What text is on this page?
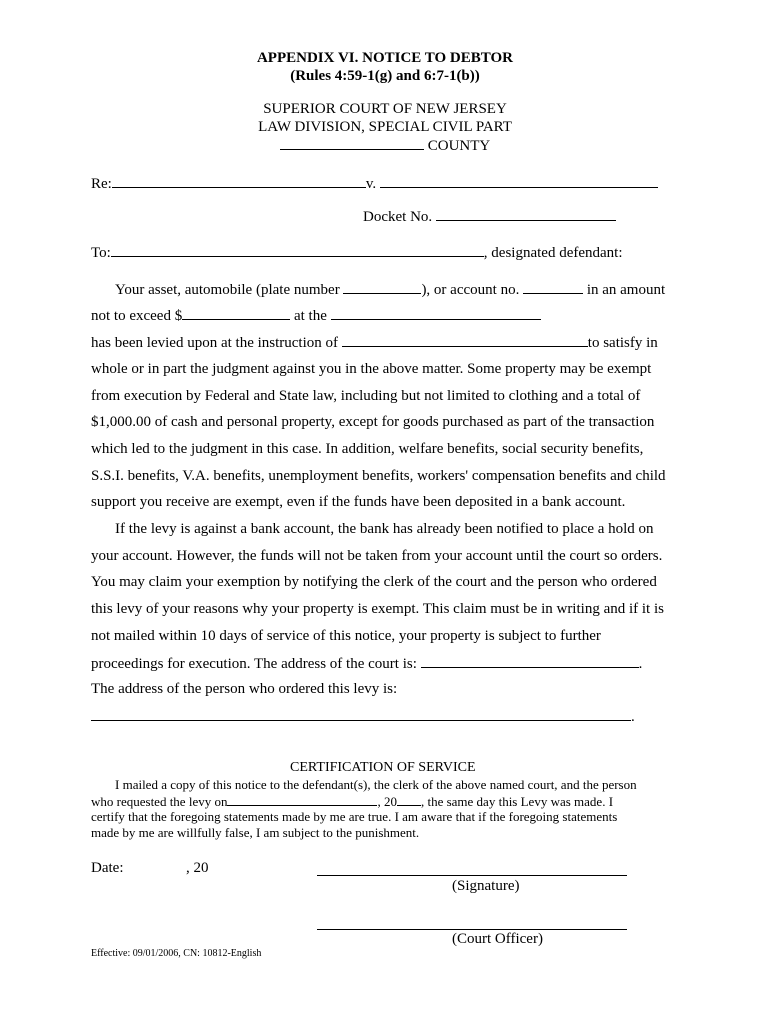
APPENDIX VI. NOTICE TO DEBTOR
(Rules 4:59-1(g) and 6:7-1(b))
SUPERIOR COURT OF NEW JERSEY
LAW DIVISION, SPECIAL CIVIL PART
COUNTY
Re:	v.
Docket No.
To:	, designated defendant:
Your asset, automobile (plate number	), or account no.	in an amount
not to exceed $	at the
has been levied upon at the instruction of	to satisfy in
whole or in part the judgment against you in the above matter. Some property may be exempt
from execution by Federal and State law, including but not limited to clothing and a total of
$1,000.00 of cash and personal property, except for goods purchased as part of the transaction
which led to the judgment in this case. In addition, welfare benefits, social security benefits,
S.S.I. benefits, V.A. benefits, unemployment benefits, workers' compensation benefits and child
support you receive are exempt, even if the funds have been deposited in a bank account.
If the levy is against a bank account, the bank has already been notified to place a hold on
your account. However, the funds will not be taken from your account until the court so orders.
You may claim your exemption by notifying the clerk of the court and the person who ordered
this levy of your reasons why your property is exempt. This claim must be in writing and if it is
not mailed within 10 days of service of this notice, your property is subject to further
proceedings for execution. The address of the court is:	.
The address of the person who ordered this levy is:
.
CERTIFICATION OF SERVICE
I mailed a copy of this notice to the defendant(s), the clerk of the above named court, and the person
who requested the levy on	, 20 , the same day this Levy was made. I
certify that the foregoing statements made by me are true. I am aware that if the foregoing statements
made by me are willfully false, I am subject to the punishment.
Date:	, 20
(Signature)
(Court Officer)
Effective: 09/01/2006, CN: 10812-English
